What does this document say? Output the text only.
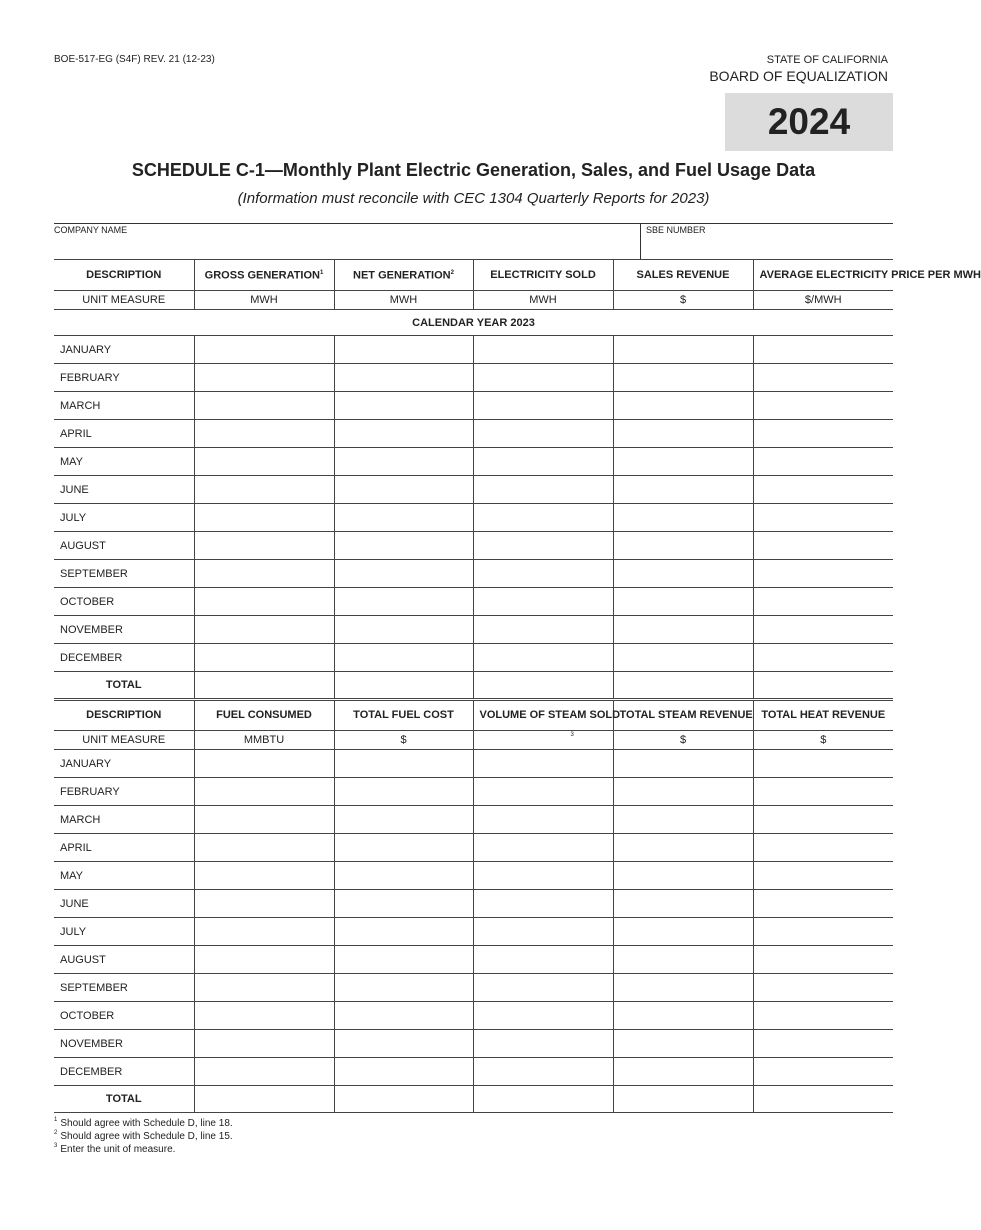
BOE-517-EG (S4F) REV. 21 (12-23)	STATE OF CALIFORNIA
BOARD OF EQUALIZATION
2024
SCHEDULE C-1—Monthly Plant Electric Generation, Sales, and Fuel Usage Data
(Information must reconcile with CEC 1304 Quarterly Reports for 2023)
COMPANY NAME	SBE NUMBER
DESCRIPTION	GROSS GENERATION$^1$	NET GENERATION$^2$	ELECTRICITY SOLD	SALES REVENUE	AVERAGE ELECTRICITY PRICE PER MWH
UNIT MEASURE	MWH	MWH	MWH	$	$/MWH
CALENDAR YEAR 2023					
JANUARY					
FEBRUARY					
MARCH					
APRIL					
MAY					
JUNE					
JULY					
AUGUST					
SEPTEMBER					
OCTOBER					
NOVEMBER					
DECEMBER					
TOTAL					
DESCRIPTION	FUEL CONSUMED	TOTAL FUEL COST	VOLUME OF STEAM SOLD	TOTAL STEAM REVENUE	TOTAL HEAT REVENUE
UNIT MEASURE	MMBTU	$	3	$	$
JANUARY					
FEBRUARY					
MARCH					
APRIL					
MAY					
JUNE					
JULY					
AUGUST					
SEPTEMBER					
OCTOBER					
NOVEMBER					
DECEMBER					
TOTAL					
$^1$ Should agree with Schedule D, line 18.
$^2$ Should agree with Schedule D, line 15.
$^3$ Enter the unit of measure.
